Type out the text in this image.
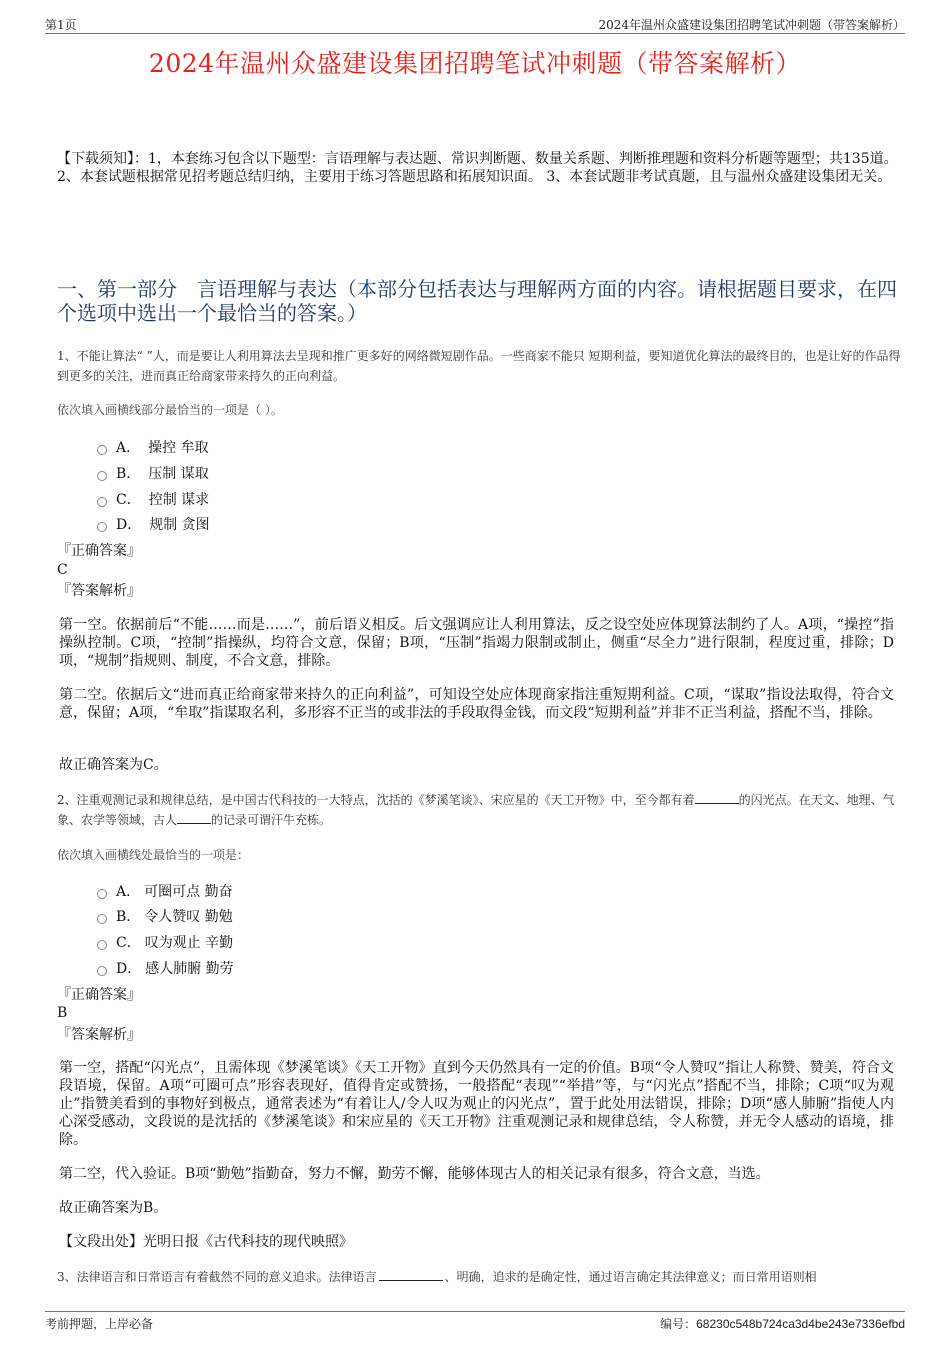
第1页	2024年温州众盛建设集团招聘笔试冲刺题（带答案解析）
2024年温州众盛建设集团招聘笔试冲刺题（带答案解析）
【下载须知】：1，本套练习包含以下题型：言语理解与表达题、常识判断题、数量关系题、判断推理题和资料分析题等题型；共135道。 2、本套试题根据常见招考题总结归纳，主要用于练习答题思路和拓展知识面。 3、本套试题非考试真题，且与温州众盛建设集团无关。
一、第一部分　言语理解与表达（本部分包括表达与理解两方面的内容。请根据题目要求，在四个选项中选出一个最恰当的答案。）
1、不能让算法“ ”人，而是要让人利用算法去呈现和推广更多好的网络微短剧作品。一些商家不能只 短期利益，要知道优化算法的最终目的，也是让好的作品得到更多的关注，进而真正给商家带来持久的正向利益。
依次填入画横线部分最恰当的一项是（ ）。
A． 操控 牟取
B． 压制 谋取
C． 控制 谋求
D． 规制 贪图
『正确答案』
C
『答案解析』
第一空。依据前后“不能……而是……”，前后语义相反。后文强调应让人利用算法，反之设空处应体现算法制约了人。A项，“操控”指操纵控制。C项，“控制”指操纵，均符合文意，保留；B项，“压制”指竭力限制或制止，侧重“尽全力”进行限制，程度过重，排除；D项，“规制”指规则、制度，不合文意，排除。
第二空。依据后文“进而真正给商家带来持久的正向利益”，可知设空处应体现商家指注重短期利益。C项，“谋取”指设法取得，符合文意，保留；A项，“牟取”指谋取名利，多形容不正当的或非法的手段取得金钱，而文段“短期利益”并非不正当利益，搭配不当，排除。
故正确答案为C。
2、注重观测记录和规律总结，是中国古代科技的一大特点，沈括的《梦溪笔谈》、宋应星的《天工开物》中，至今都有着	的闪光点。在天文、地理、气象、农学等领域，古人	的记录可谓汗牛充栋。
依次填入画横线处最恰当的一项是：
A． 可圈可点 勤奋
B． 令人赞叹 勤勉
C． 叹为观止 辛勤
D． 感人肺腑 勤劳
『正确答案』
B
『答案解析』
第一空，搭配“闪光点”，且需体现《梦溪笔谈》《天工开物》直到今天仍然具有一定的价值。B项“令人赞叹”指让人称赞、赞美，符合文段语境，保留。A项“可圈可点”形容表现好，值得肯定或赞扬，一般搭配“表现”“举措”等，与“闪光点”搭配不当，排除；C项“叹为观止”指赞美看到的事物好到极点，通常表述为“有着让人/令人叹为观止的闪光点”，置于此处用法错误，排除；D项“感人肺腑”指使人内心深受感动，文段说的是沈括的《梦溪笔谈》和宋应星的《天工开物》注重观测记录和规律总结，令人称赞，并无令人感动的语境，排除。
第二空，代入验证。B项“勤勉”指勤奋，努力不懈，勤劳不懈，能够体现古人的相关记录有很多，符合文意，当选。
故正确答案为B。
【文段出处】光明日报《古代科技的现代映照》
3、法律语言和日常语言有着截然不同的意义追求。法律语言	、明确，追求的是确定性，通过语言确定其法律意义；而日常用语则相
考前押题，上岸必备	编号：68230c548b724ca3d4be243e7336efbd
